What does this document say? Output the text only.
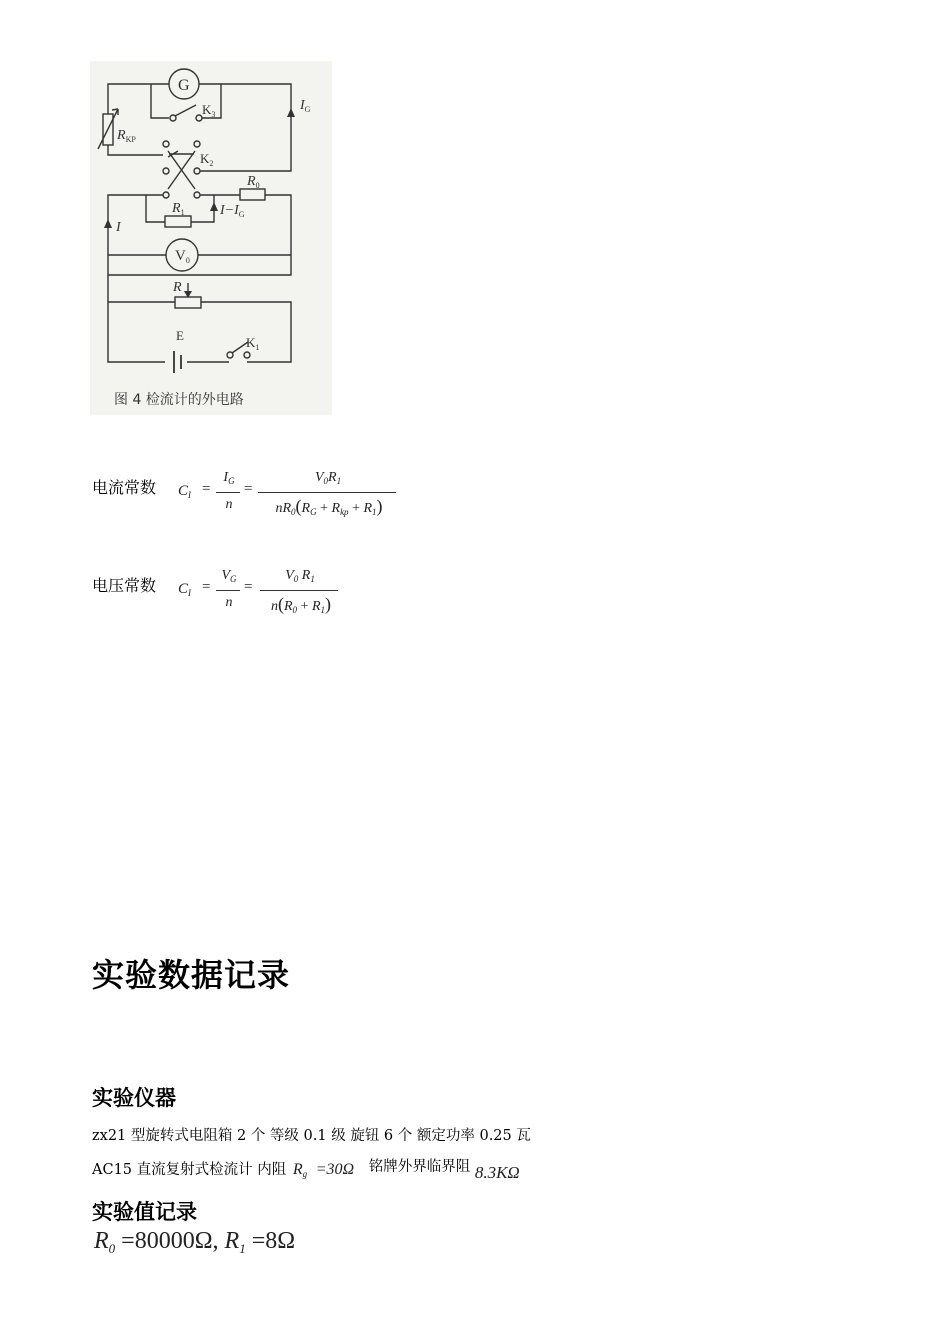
G
$K_3$
$R_{KP}$
$I_G$
$K_2$
$R_0$
$R_1$	$I-I_G$
I
$V_0$
R
E	$K_1$
图 4 检流计的外电路
电流常数 $C_I$ =
$I_G$
n
=
$V_0R_1$
$nR_0(R_G + R_{kp} + R_1)$
电压常数 $C_I$ =
$V_G$
n
=
$V_0$ $R_1$
$n(R_0 + R_1)$
实验数据记录
实验仪器
zx21 型旋转式电阻箱 2 个 等级 0.1 级 旋钮 6 个 额定功率 0.25 瓦
AC15 直流复射式检流计 内阻 $R_g =30\Omega$ 铭牌外界临界阻 8.3KΩ
实验值记录
$R_0 =80000\Omega$, $R_1 =8\Omega$
